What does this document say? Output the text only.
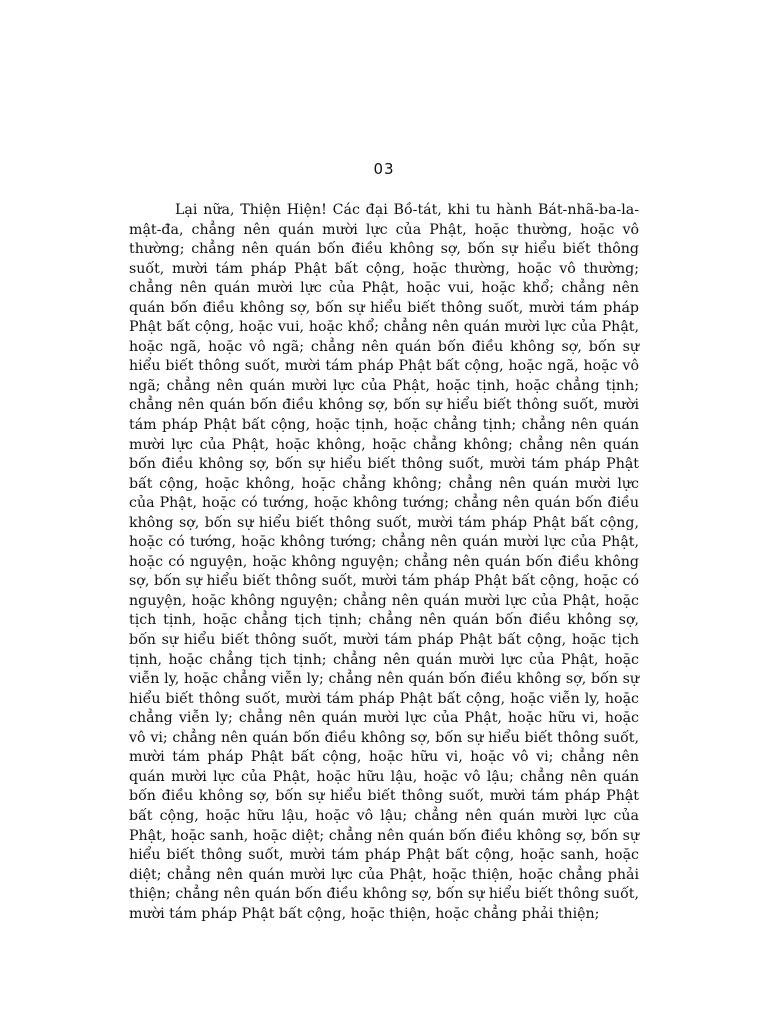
03

Lại nữa, Thiện Hiện! Các đại Bồ-tát, khi tu hành Bát-nhã-ba-la-mật-đa, chẳng nên quán mười lực của Phật, hoặc thường, hoặc vô thường; chẳng nên quán bốn điều không sợ, bốn sự hiểu biết thông suốt, mười tám pháp Phật bất cộng, hoặc thường, hoặc vô thường; chẳng nên quán mười lực của Phật, hoặc vui, hoặc khổ; chẳng nên quán bốn điều không sợ, bốn sự hiểu biết thông suốt, mười tám pháp Phật bất cộng, hoặc vui, hoặc khổ; chẳng nên quán mười lực của Phật, hoặc ngã, hoặc vô ngã; chẳng nên quán bốn điều không sợ, bốn sự hiểu biết thông suốt, mười tám pháp Phật bất cộng, hoặc ngã, hoặc vô ngã; chẳng nên quán mười lực của Phật, hoặc tịnh, hoặc chẳng tịnh; chẳng nên quán bốn điều không sợ, bốn sự hiểu biết thông suốt, mười tám pháp Phật bất cộng, hoặc tịnh, hoặc chẳng tịnh; chẳng nên quán mười lực của Phật, hoặc không, hoặc chẳng không; chẳng nên quán bốn điều không sợ, bốn sự hiểu biết thông suốt, mười tám pháp Phật bất cộng, hoặc không, hoặc chẳng không; chẳng nên quán mười lực của Phật, hoặc có tướng, hoặc không tướng; chẳng nên quán bốn điều không sợ, bốn sự hiểu biết thông suốt, mười tám pháp Phật bất cộng, hoặc có tướng, hoặc không tướng; chẳng nên quán mười lực của Phật, hoặc có nguyện, hoặc không nguyện; chẳng nên quán bốn điều không sợ, bốn sự hiểu biết thông suốt, mười tám pháp Phật bất cộng, hoặc có nguyện, hoặc không nguyện; chẳng nên quán mười lực của Phật, hoặc tịch tịnh, hoặc chẳng tịch tịnh; chẳng nên quán bốn điều không sợ, bốn sự hiểu biết thông suốt, mười tám pháp Phật bất cộng, hoặc tịch tịnh, hoặc chẳng tịch tịnh; chẳng nên quán mười lực của Phật, hoặc viễn ly, hoặc chẳng viễn ly; chẳng nên quán bốn điều không sợ, bốn sự hiểu biết thông suốt, mười tám pháp Phật bất cộng, hoặc viễn ly, hoặc chẳng viễn ly; chẳng nên quán mười lực của Phật, hoặc hữu vi, hoặc vô vi; chẳng nên quán bốn điều không sợ, bốn sự hiểu biết thông suốt, mười tám pháp Phật bất cộng, hoặc hữu vi, hoặc vô vi; chẳng nên quán mười lực của Phật, hoặc hữu lậu, hoặc vô lậu; chẳng nên quán bốn điều không sợ, bốn sự hiểu biết thông suốt, mười tám pháp Phật bất cộng, hoặc hữu lậu, hoặc vô lậu; chẳng nên quán mười lực của Phật, hoặc sanh, hoặc diệt; chẳng nên quán bốn điều không sợ, bốn sự hiểu biết thông suốt, mười tám pháp Phật bất cộng, hoặc sanh, hoặc diệt; chẳng nên quán mười lực của Phật, hoặc thiện, hoặc chẳng phải thiện; chẳng nên quán bốn điều không sợ, bốn sự hiểu biết thông suốt, mười tám pháp Phật bất cộng, hoặc thiện, hoặc chẳng phải thiện;
